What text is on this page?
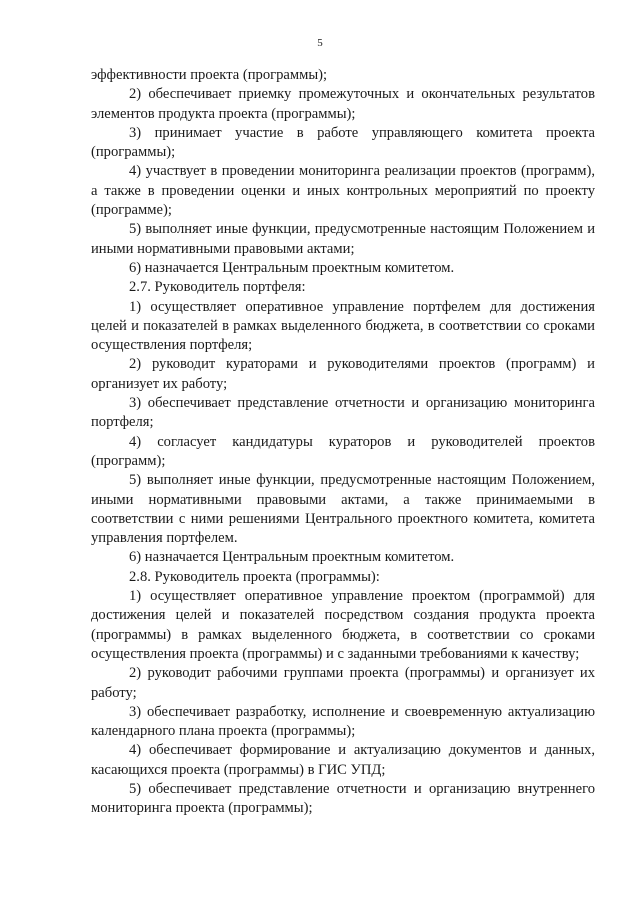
5

эффективности проекта (программы);

2) обеспечивает приемку промежуточных и окончательных результатов элементов продукта проекта (программы);

3) принимает участие в работе управляющего комитета проекта (программы);

4) участвует в проведении мониторинга реализации проектов (программ), а также в проведении оценки и иных контрольных мероприятий по проекту (программе);

5) выполняет иные функции, предусмотренные настоящим Положением и иными нормативными правовыми актами;

6) назначается Центральным проектным комитетом.

2.7. Руководитель портфеля:

1) осуществляет оперативное управление портфелем для достижения целей и показателей в рамках выделенного бюджета, в соответствии со сроками осуществления портфеля;

2) руководит кураторами и руководителями проектов (программ) и организует их работу;

3) обеспечивает представление отчетности и организацию мониторинга портфеля;

4) согласует кандидатуры кураторов и руководителей проектов (программ);

5) выполняет иные функции, предусмотренные настоящим Положением, иными нормативными правовыми актами, а также принимаемыми в соответствии с ними решениями Центрального проектного комитета, комитета управления портфелем.

6) назначается Центральным проектным комитетом.

2.8. Руководитель проекта (программы):

1) осуществляет оперативное управление проектом (программой) для достижения целей и показателей посредством создания продукта проекта (программы) в рамках выделенного бюджета, в соответствии со сроками осуществления проекта (программы) и с заданными требованиями к качеству;

2) руководит рабочими группами проекта (программы) и организует их работу;

3) обеспечивает разработку, исполнение и своевременную актуализацию календарного плана проекта (программы);

4) обеспечивает формирование и актуализацию документов и данных, касающихся проекта (программы) в ГИС УПД;

5) обеспечивает представление отчетности и организацию внутреннего мониторинга проекта (программы);
